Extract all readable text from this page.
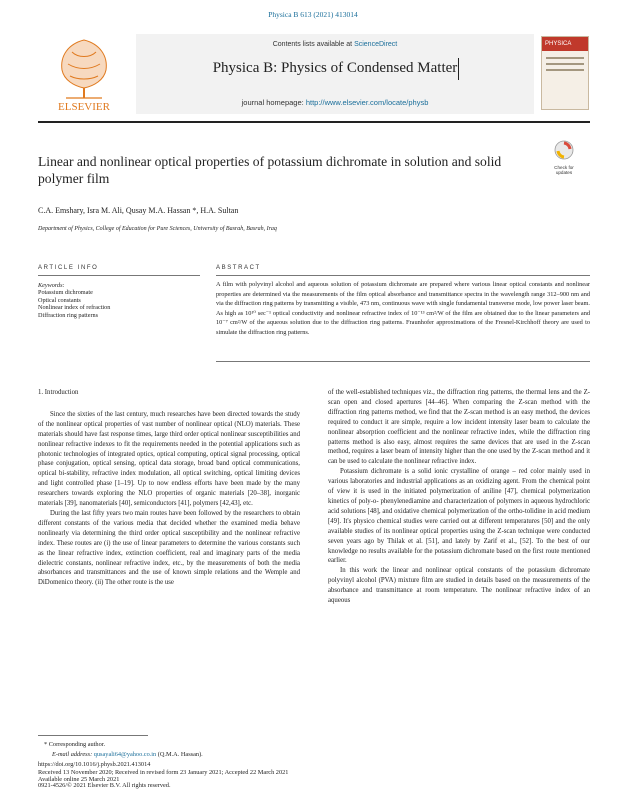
Physica B 613 (2021) 413014
ELSEVIER
Contents lists available at ScienceDirect
Physica B: Physics of Condensed Matter
journal homepage: http://www.elsevier.com/locate/physb
PHYSICA
Check for updates
Linear and nonlinear optical properties of potassium dichromate in solution and solid polymer film
C.A. Emshary, Isra M. Ali, Qusay M.A. Hassan *, H.A. Sultan
Department of Physics, College of Education for Pure Sciences, University of Basrah, Basrah, Iraq
ARTICLE INFO
Keywords:
Potassium dichromate
Optical constants
Nonlinear index of refraction
Diffraction ring patterns
ABSTRACT
A film with polyvinyl alcohol and aqueous solution of potassium dichromate are prepared where various linear optical constants and nonlinear properties are determined via the measurements of the film optical absorbance and transmittance spectra in the wavelength range 312–900 nm and via the diffraction ring patterns by transmitting a visible, 473 nm, continuous wave with single fundamental transverse mode, low power laser beam. As high as 10¹⁰ sec⁻¹ optical conductivity and nonlinear refractive index of 10⁻¹³ cm²/W of the film are obtained due to the linear parameters and 10⁻⁷ cm²/W of the aqueous solution due to the diffraction ring patterns. Fraunhofer approximations of the Fresnel-Kirchhoff theory are used to simulate the diffraction ring patterns.

1. Introduction

Since the sixties of the last century, much researches have been directed towards the study of the nonlinear optical properties of vast number of nonlinear optical (NLO) materials. These materials should have fast response times, large third order optical nonlinear susceptibilities and nonlinear refractive indexes to fit the requirements needed in the potential applications such as photonic technologies of integrated optics, optical computing, optical signal processing, optical phase conjugation, optical sensing, optical data storage, broad band optical communications, optical bi-stability, refractive index modulation, all optical switching, optical limiting devices and light controlled phase [1–19]. Up to now endless efforts have been made by the many researchers towards exploring the NLO properties of organic materials [20–38], inorganic materials [39], nanomaterials [40], semiconductors [41], polymers [42,43], etc.

During the last fifty years two main routes have been followed by the researchers to obtain different constants of the various media that decided whether the examined media behave nonlinearly via determining the third order optical susceptibility and the nonlinear refractive index. These routes are (i) the use of linear parameters to determine the various constants such as the linear refractive index, extinction coefficient, real and imaginary parts of the media dielectric constants, nonlinear refractive index, etc., by the measurements of both the media absorbances and transmittances and the use of known simple relations and the Wemple and DiDomenico theory. (ii) The other route is the use

of the well-established techniques viz., the diffraction ring patterns, the thermal lens and the Z-scan open and closed apertures [44–46]. When comparing the Z-scan method with the diffraction ring patterns method, we find that the Z-scan method is an easy method, the devices required to conduct it are simple, require a low incident intensity laser beam to calculate the nonlinear absorption coefficient and the nonlinear refractive index, while the diffraction ring patterns method is also easy, almost requires the same devices that are used in the Z-scan method, requires a laser beam of intensity higher than the one used by the Z-scan method and it can be used to calculate the nonlinear refractive index.

Potassium dichromate is a solid ionic crystalline of orange – red color mainly used in various laboratories and industrial applications as an oxidizing agent. From the chemical point of view it is used in the initiated polymerization of aniline [47], chemical polymerization kinetics of poly-o- phenylenediamine and characterization of polymers in aqueous hydrochloric acid solutions [48], and oxidative chemical polymerization of the ortho-tolidine in acid medium [49]. It's physico chemical studies were carried out at different temperatures [50] and the only available studies of its nonlinear optical properties using the Z-scan technique were conducted seven years ago by Thilak et al. [51], and lately by Zarif et al., [52]. To the best of our knowledge no results available for the potassium dichromate based on the first route mentioned earlier.

In this work the linear and nonlinear optical constants of the potassium dichromate polyvinyl alcohol (PVA) mixture film are studied in details based on the measurements of the absorbance and transmittance at room temperature. The nonlinear refractive index of an aqueous

* Corresponding author.
E-mail address: qusayali64@yahoo.co.in (Q.M.A. Hassan).
https://doi.org/10.1016/j.physb.2021.413014
Received 13 November 2020; Received in revised form 23 January 2021; Accepted 22 March 2021
Available online 25 March 2021
0921-4526/© 2021 Elsevier B.V. All rights reserved.
